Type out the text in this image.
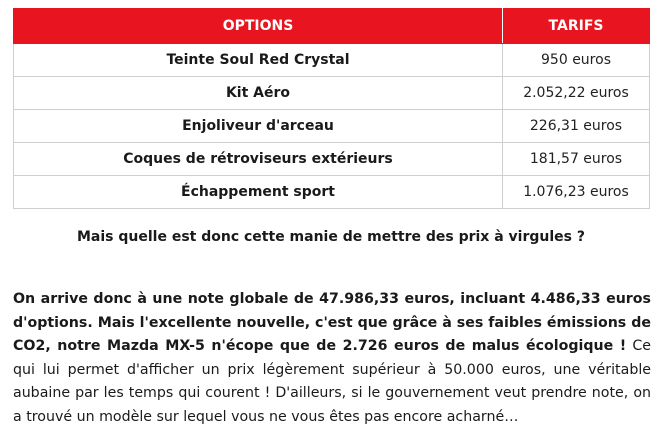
OPTIONS	TARIFS
Teinte Soul Red Crystal	950 euros
Kit Aéro	2.052,22 euros
Enjoliveur d'arceau	226,31 euros
Coques de rétroviseurs extérieurs	181,57 euros
Échappement sport	1.076,23 euros
Mais quelle est donc cette manie de mettre des prix à virgules ?

On arrive donc à une note globale de 47.986,33 euros, incluant 4.486,33 euros d'options. Mais l'excellente nouvelle, c'est que grâce à ses faibles émissions de CO2, notre Mazda MX-5 n'écope que de 2.726 euros de malus écologique ! Ce qui lui permet d'afficher un prix légèrement supérieur à 50.000 euros, une véritable aubaine par les temps qui courent ! D'ailleurs, si le gouvernement veut prendre note, on a trouvé un modèle sur lequel vous ne vous êtes pas encore acharné…
